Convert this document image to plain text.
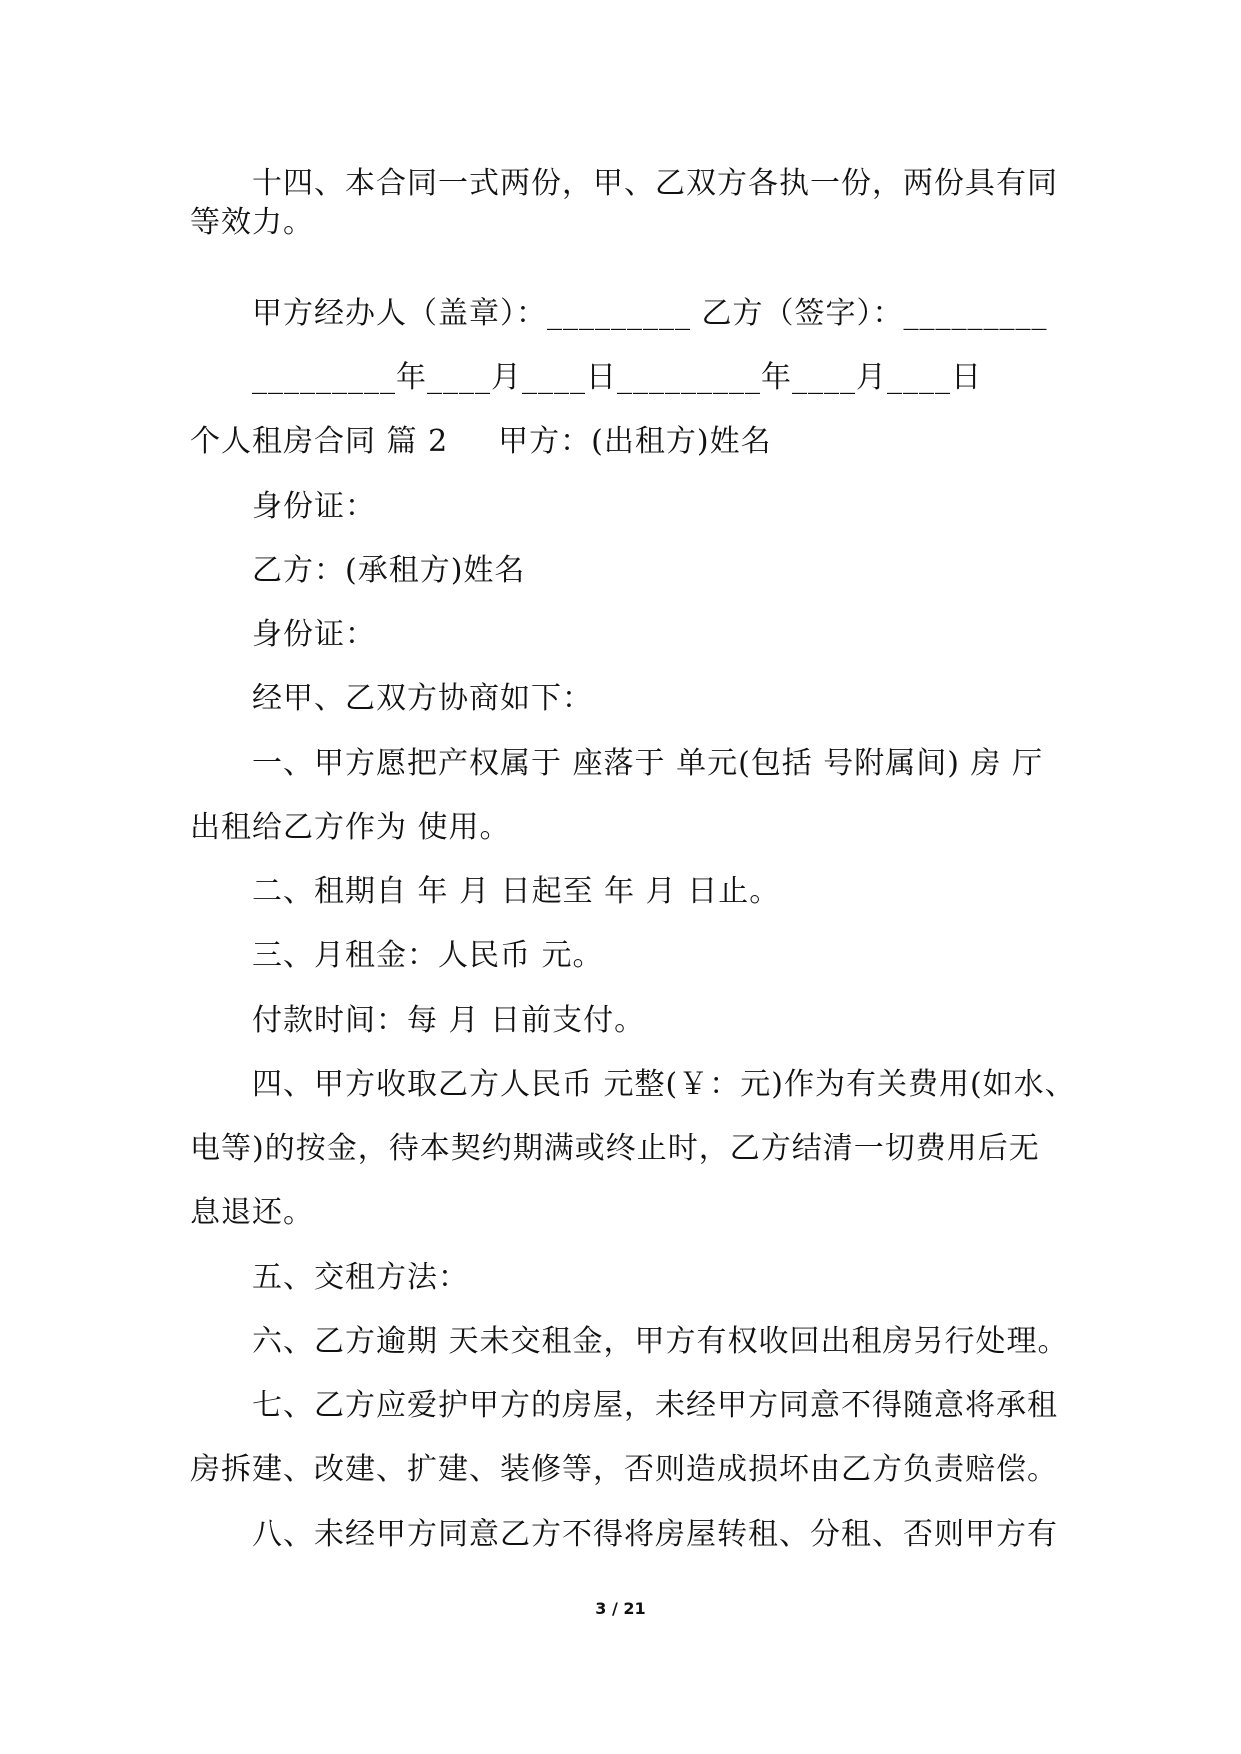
十四、本合同一式两份，甲、乙双方各执一份，两份具有同
等效力。
甲方经办人（盖章）：_________ 乙方（签字）：_________
_________年____月____日_________年____月____日
个人租房合同 篇 2 甲方：(出租方)姓名
身份证：
乙方：(承租方)姓名
身份证：
经甲、乙双方协商如下：
一、甲方愿把产权属于 座落于 单元(包括 号附属间) 房 厅
出租给乙方作为 使用。
二、租期自 年 月 日起至 年 月 日止。
三、月租金：人民币 元。
付款时间：每 月 日前支付。
四、甲方收取乙方人民币 元整(￥：元)作为有关费用(如水、
电等)的按金，待本契约期满或终止时，乙方结清一切费用后无
息退还。
五、交租方法：
六、乙方逾期 天未交租金，甲方有权收回出租房另行处理。
七、乙方应爱护甲方的房屋，未经甲方同意不得随意将承租
房拆建、改建、扩建、装修等，否则造成损坏由乙方负责赔偿。
八、未经甲方同意乙方不得将房屋转租、分租、否则甲方有
3 / 21
